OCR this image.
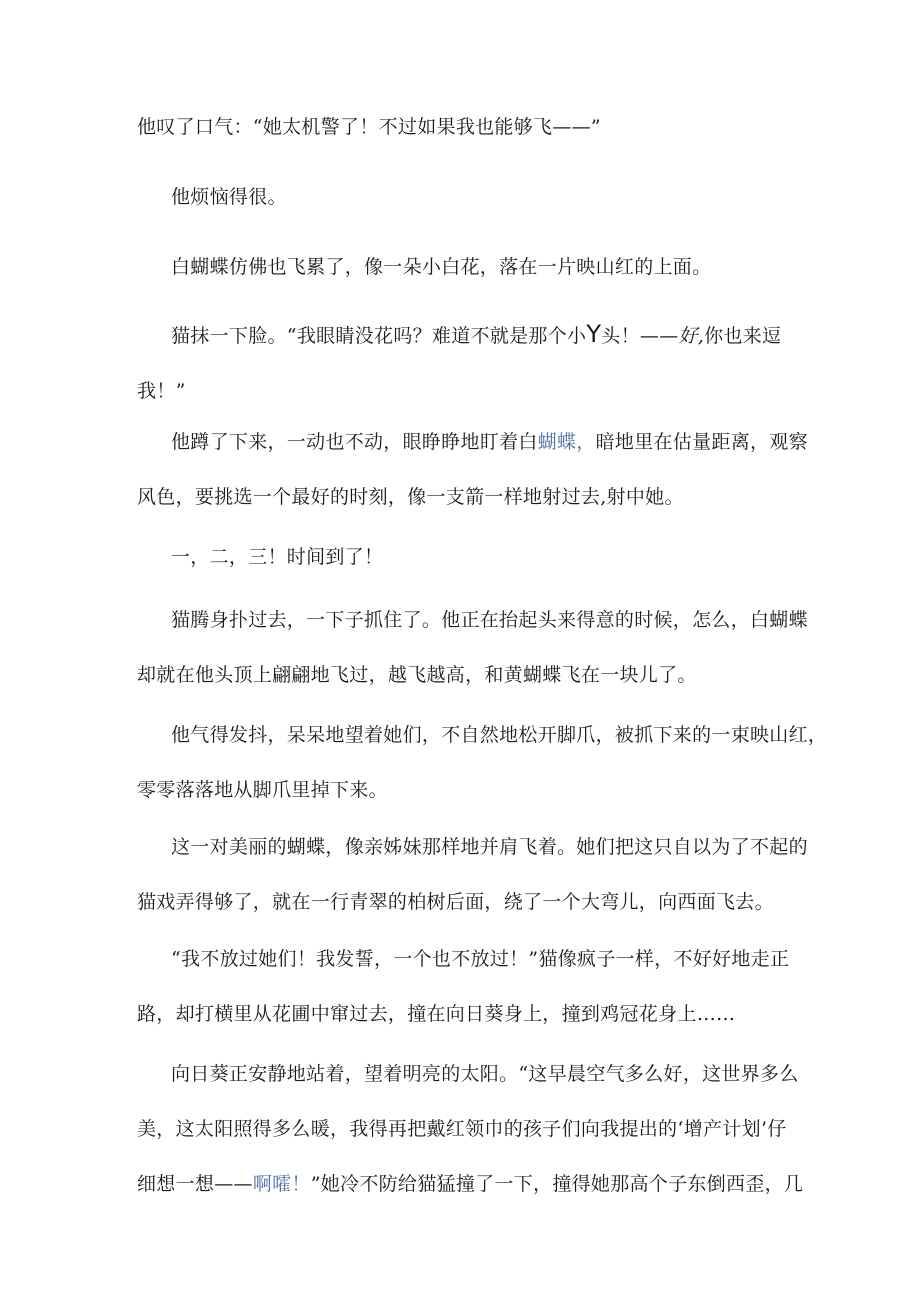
他叹了口气：“她太机警了！不过如果我也能够飞——”

他烦恼得很。

白蝴蝶仿佛也飞累了，像一朵小白花，落在一片映山红的上面。

猫抹一下脸。“我眼睛没花吗？难道不就是那个小Y头！——好,你也来逗
我！”

他蹲了下来，一动也不动，眼睁睁地盯着白蝴蝶，暗地里在估量距离，观察
风色，要挑选一个最好的时刻，像一支箭一样地射过去,射中她。

一，二，三！时间到了！

猫腾身扑过去，一下子抓住了。他正在抬起头来得意的时候，怎么，白蝴蝶
却就在他头顶上翩翩地飞过，越飞越高，和黄蝴蝶飞在一块儿了。

他气得发抖，呆呆地望着她们，不自然地松开脚爪，被抓下来的一束映山红，
零零落落地从脚爪里掉下来。

这一对美丽的蝴蝶，像亲姊妹那样地并肩飞着。她们把这只自以为了不起的
猫戏弄得够了，就在一行青翠的柏树后面，绕了一个大弯儿，向西面飞去。

“我不放过她们！我发誓，一个也不放过！”猫像疯子一样，不好好地走正
路，却打横里从花圃中窜过去，撞在向日葵身上，撞到鸡冠花身上……

向日葵正安静地站着，望着明亮的太阳。“这早晨空气多么好，这世界多么
美，这太阳照得多么暖，我得再把戴红领巾的孩子们向我提出的‘增产计划’仔
细想一想——啊嚯！”她冷不防给猫猛撞了一下，撞得她那高个子东倒西歪，几
